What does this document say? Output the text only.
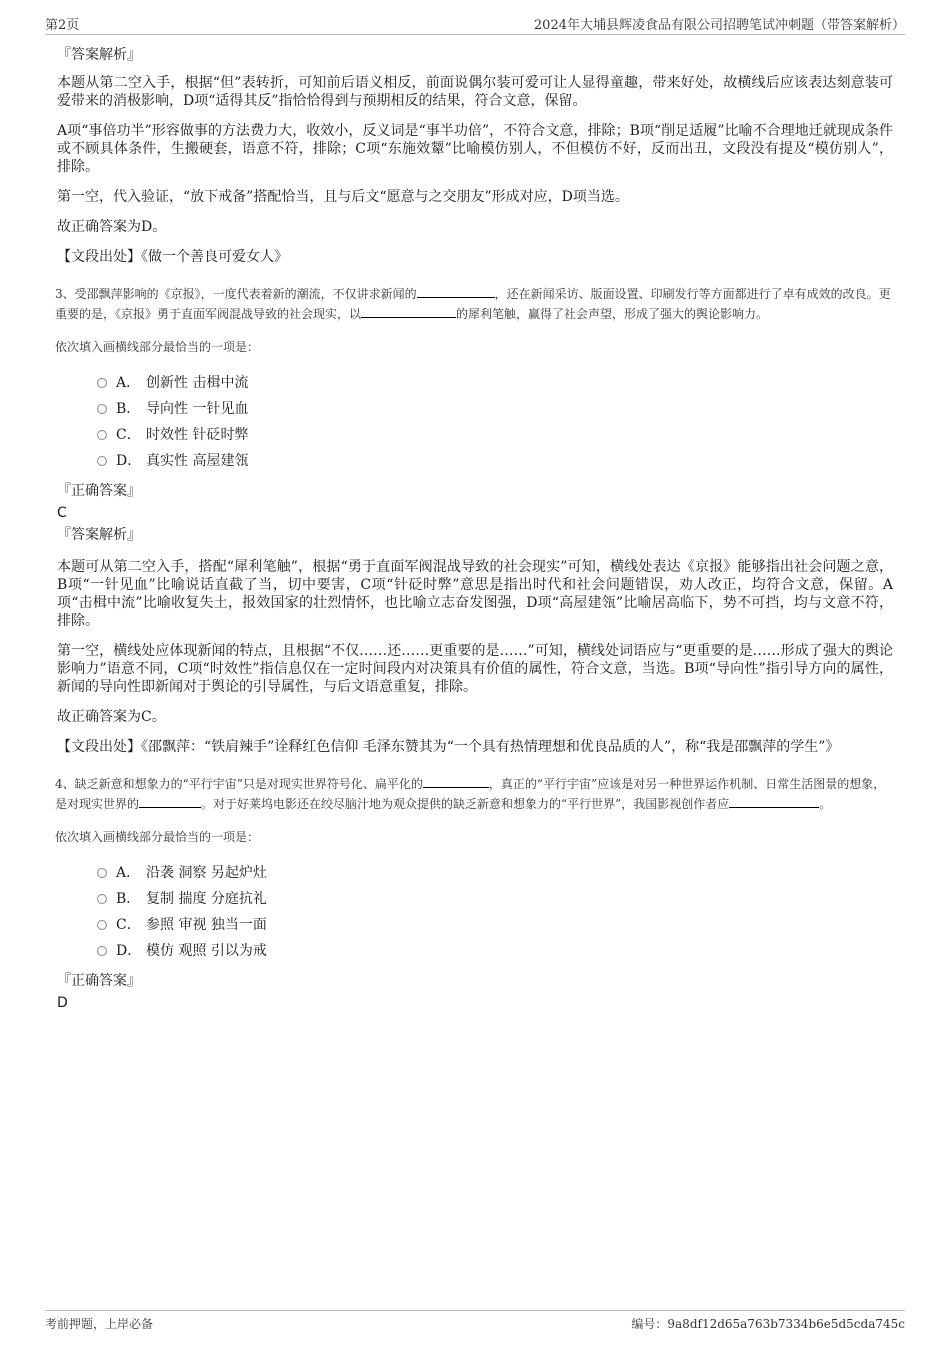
第2页	2024年大埔县辉凌食品有限公司招聘笔试冲刺题（带答案解析）
『答案解析』

本题从第二空入手，根据“但”表转折，可知前后语义相反，前面说偶尔装可爱可让人显得童趣，带来好处，故横线后应该表达刻意装可爱带来的消极影响，D项“适得其反”指恰恰得到与预期相反的结果，符合文意，保留。

A项“事倍功半”形容做事的方法费力大，收效小，反义词是“事半功倍”，不符合文意，排除；B项“削足适履”比喻不合理地迁就现成条件或不顾具体条件，生搬硬套，语意不符，排除；C项“东施效颦”比喻模仿别人，不但模仿不好，反而出丑，文段没有提及“模仿别人”，排除。

第一空，代入验证，“放下戒备”搭配恰当，且与后文“愿意与之交朋友”形成对应，D项当选。

故正确答案为D。

【文段出处】《做一个善良可爱女人》

3、受邵飘萍影响的《京报》，一度代表着新的潮流，不仅讲求新闻的	，还在新闻采访、版面设置、印刷发行等方面都进行了卓有成效的改良。更重要的是，《京报》勇于直面军阀混战导致的社会现实，以	的犀利笔触，赢得了社会声望，形成了强大的舆论影响力。

依次填入画横线部分最恰当的一项是：

A． 创新性 击楫中流
B． 导向性 一针见血
C． 时效性 针砭时弊
D． 真实性 高屋建瓴
『正确答案』
C
『答案解析』

本题可从第二空入手，搭配“犀利笔触”，根据“勇于直面军阀混战导致的社会现实”可知，横线处表达《京报》能够指出社会问题之意，B项“一针见血”比喻说话直截了当，切中要害，C项“针砭时弊”意思是指出时代和社会问题错误，劝人改正，均符合文意，保留。A项“击楫中流”比喻收复失土，报效国家的壮烈情怀，也比喻立志奋发图强，D项“高屋建瓴”比喻居高临下，势不可挡，均与文意不符，排除。

第一空，横线处应体现新闻的特点，且根据“不仅……还……更重要的是……”可知，横线处词语应与“更重要的是……形成了强大的舆论影响力”语意不同，C项“时效性”指信息仅在一定时间段内对决策具有价值的属性，符合文意，当选。B项“导向性”指引导方向的属性，新闻的导向性即新闻对于舆论的引导属性，与后文语意重复，排除。

故正确答案为C。

【文段出处】《邵飘萍：“铁肩辣手”诠释红色信仰 毛泽东赞其为“一个具有热情理想和优良品质的人”，称“我是邵飘萍的学生”》

4、缺乏新意和想象力的“平行宇宙”只是对现实世界符号化、扁平化的	，真正的“平行宇宙”应该是对另一种世界运作机制、日常生活图景的想象，是对现实世界的	。对于好莱坞电影还在绞尽脑汁地为观众提供的缺乏新意和想象力的“平行世界”，我国影视创作者应	。

依次填入画横线部分最恰当的一项是：

A． 沿袭 洞察 另起炉灶
B． 复制 揣度 分庭抗礼
C． 参照 审视 独当一面
D． 模仿 观照 引以为戒
『正确答案』
D
考前押题，上岸必备	编号：9a8df12d65a763b7334b6e5d5cda745c
